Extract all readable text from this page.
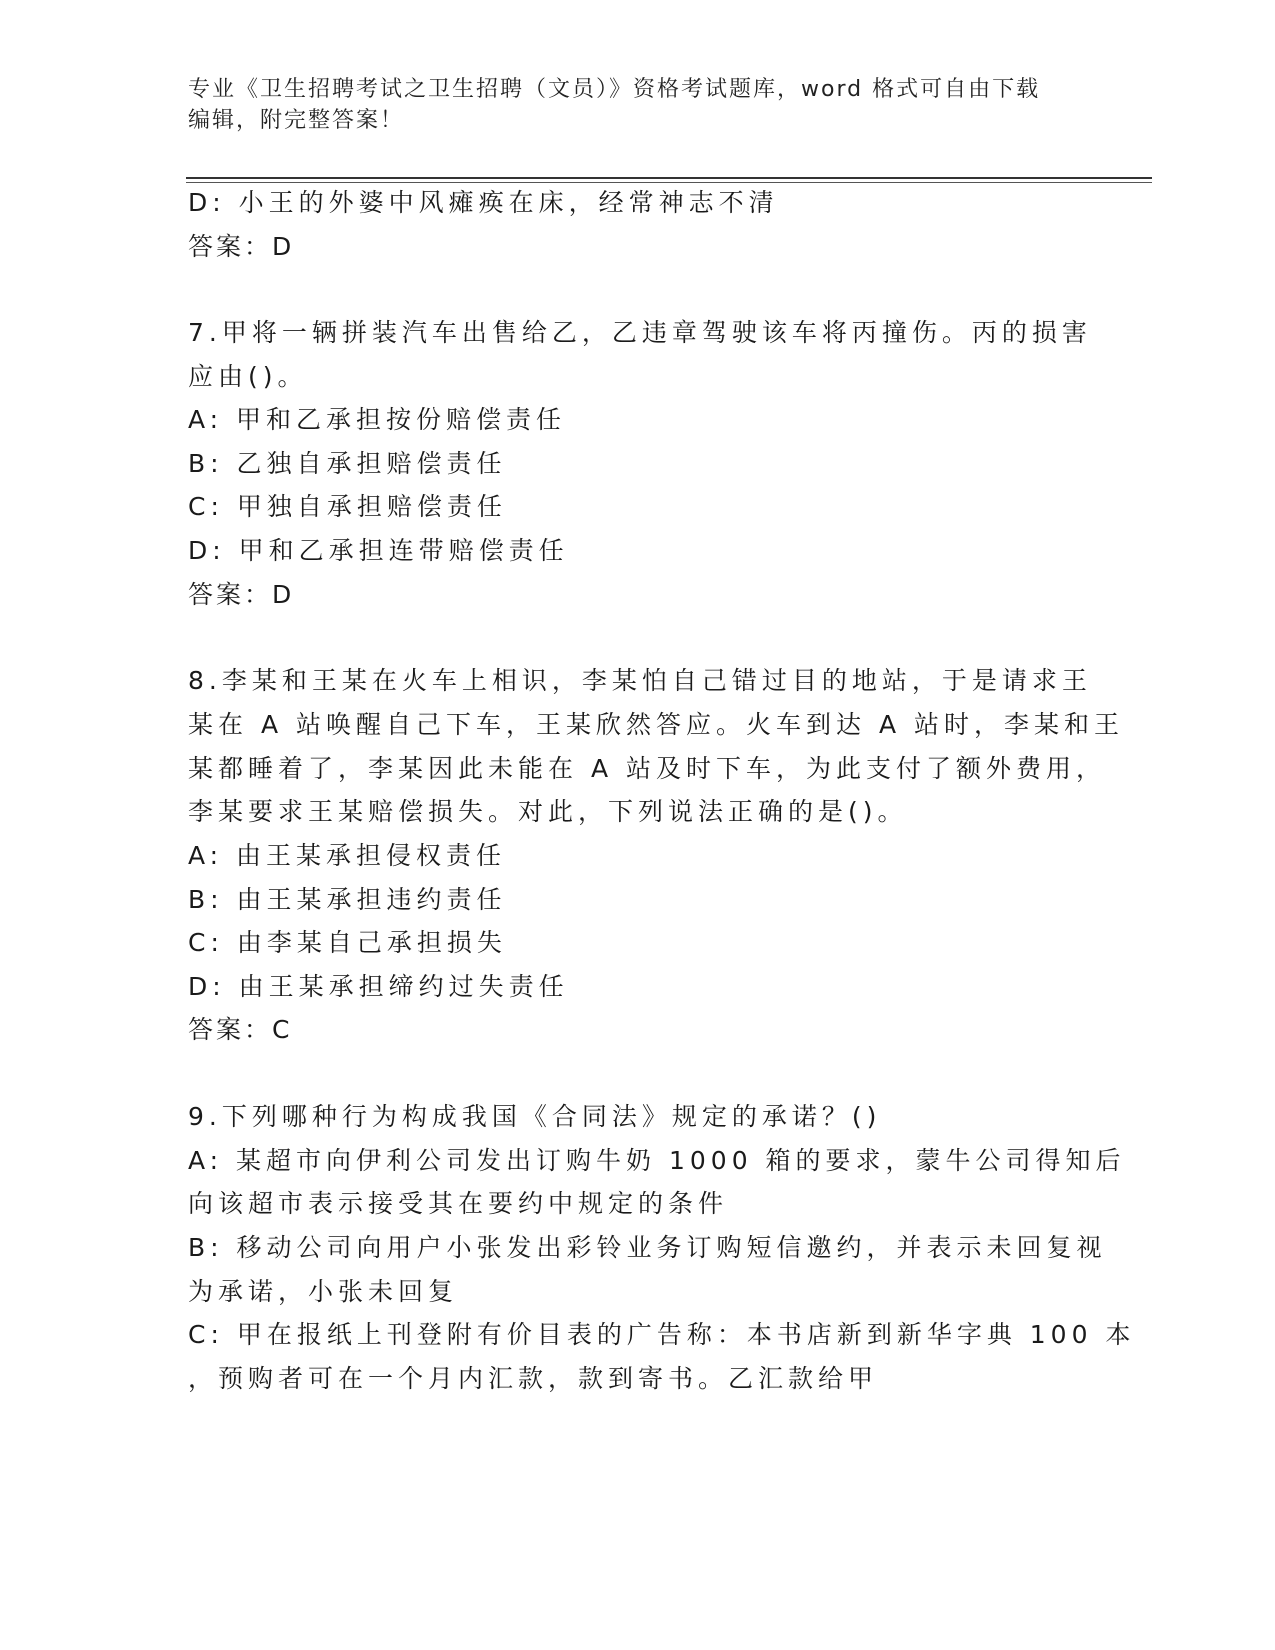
专业《卫生招聘考试之卫生招聘（文员）》资格考试题库，word 格式可自由下载
编辑，附完整答案！
D: 小王的外婆中风瘫痪在床，经常神志不清
答案：D
7.甲将一辆拼装汽车出售给乙，乙违章驾驶该车将丙撞伤。丙的损害
应由()。
A: 甲和乙承担按份赔偿责任
B: 乙独自承担赔偿责任
C: 甲独自承担赔偿责任
D: 甲和乙承担连带赔偿责任
答案：D
8.李某和王某在火车上相识，李某怕自己错过目的地站，于是请求王
某在 A 站唤醒自己下车，王某欣然答应。火车到达 A 站时，李某和王
某都睡着了，李某因此未能在 A 站及时下车，为此支付了额外费用，
李某要求王某赔偿损失。对此，下列说法正确的是()。
A: 由王某承担侵权责任
B: 由王某承担违约责任
C: 由李某自己承担损失
D: 由王某承担缔约过失责任
答案：C
9.下列哪种行为构成我国《合同法》规定的承诺？()
A: 某超市向伊利公司发出订购牛奶 1000 箱的要求，蒙牛公司得知后
向该超市表示接受其在要约中规定的条件
B: 移动公司向用户小张发出彩铃业务订购短信邀约，并表示未回复视
为承诺，小张未回复
C: 甲在报纸上刊登附有价目表的广告称：本书店新到新华字典 100 本
，预购者可在一个月内汇款，款到寄书。乙汇款给甲
